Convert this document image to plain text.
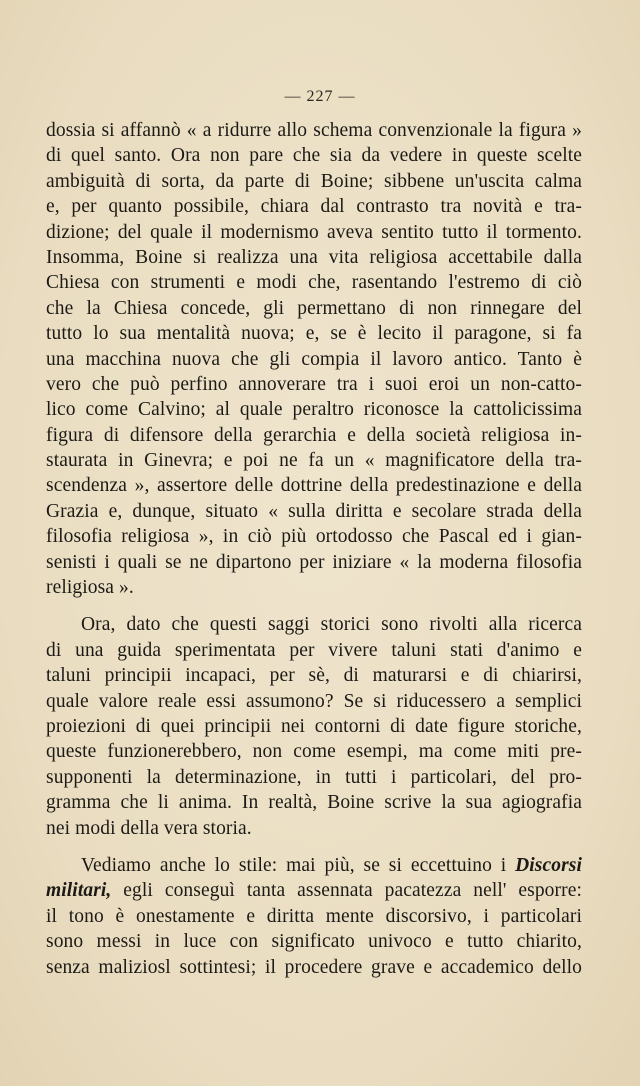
— 227 —
dossia si affannò « a ridurre allo schema convenzionale la figura »
di quel santo. Ora non pare che sia da vedere in queste scelte
ambiguità di sorta, da parte di Boine; sibbene un'uscita calma
e, per quanto possibile, chiara dal contrasto tra novità e tra-
dizione; del quale il modernismo aveva sentito tutto il tormento.
Insomma, Boine si realizza una vita religiosa accettabile dalla
Chiesa con strumenti e modi che, rasentando l'estremo di ciò
che la Chiesa concede, gli permettano di non rinnegare del
tutto lo sua mentalità nuova; e, se è lecito il paragone, si fa
una macchina nuova che gli compia il lavoro antico. Tanto è
vero che può perfino annoverare tra i suoi eroi un non-catto-
lico come Calvino; al quale peraltro riconosce la cattolicissima
figura di difensore della gerarchia e della società religiosa in-
staurata in Ginevra; e poi ne fa un « magnificatore della tra-
scendenza », assertore delle dottrine della predestinazione e della
Grazia e, dunque, situato « sulla diritta e secolare strada della
filosofia religiosa », in ciò più ortodosso che Pascal ed i gian-
senisti i quali se ne dipartono per iniziare « la moderna filosofia
religiosa ».
Ora, dato che questi saggi storici sono rivolti alla ricerca
di una guida sperimentata per vivere taluni stati d'animo e
taluni principii incapaci, per sè, di maturarsi e di chiarirsi,
quale valore reale essi assumono? Se si riducessero a semplici
proiezioni di quei principii nei contorni di date figure storiche,
queste funzionerebbero, non come esempi, ma come miti pre-
supponenti la determinazione, in tutti i particolari, del pro-
gramma che li anima. In realtà, Boine scrive la sua agiografia
nei modi della vera storia.
Vediamo anche lo stile: mai più, se si eccettuino i Discorsi
militari, egli conseguì tanta assennata pacatezza nell' esporre:
il tono è onestamente e diritta mente discorsivo, i particolari
sono messi in luce con significato univoco e tutto chiarito,
senza maliziosl sottintesi; il procedere grave e accademico dello
